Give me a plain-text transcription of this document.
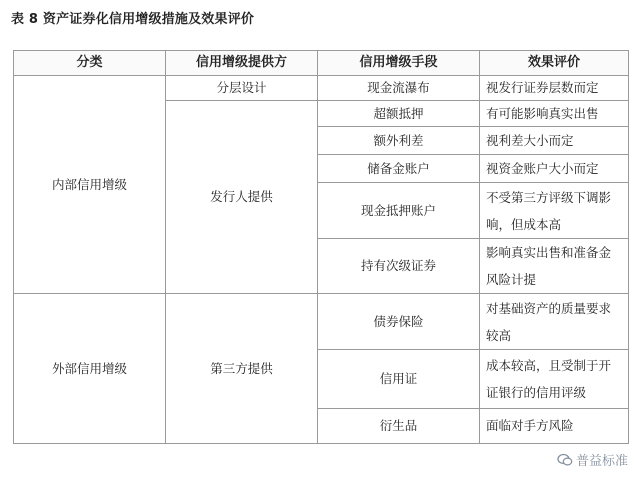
表 8 资产证券化信用增级措施及效果评价
分类	信用增级提供方	信用增级手段	效果评价
内部信用增级	分层设计	现金流瀑布	视发行证券层数而定
	发行人提供	超额抵押	有可能影响真实出售
		额外利差	视利差大小而定
		储备金账户	视资金账户大小而定
		现金抵押账户	不受第三方评级下调影响，但成本高
		持有次级证券	影响真实出售和准备金风险计提
外部信用增级	第三方提供	债券保险	对基础资产的质量要求较高
		信用证	成本较高，且受制于开证银行的信用评级
		衍生品	面临对手方风险
普益标准
